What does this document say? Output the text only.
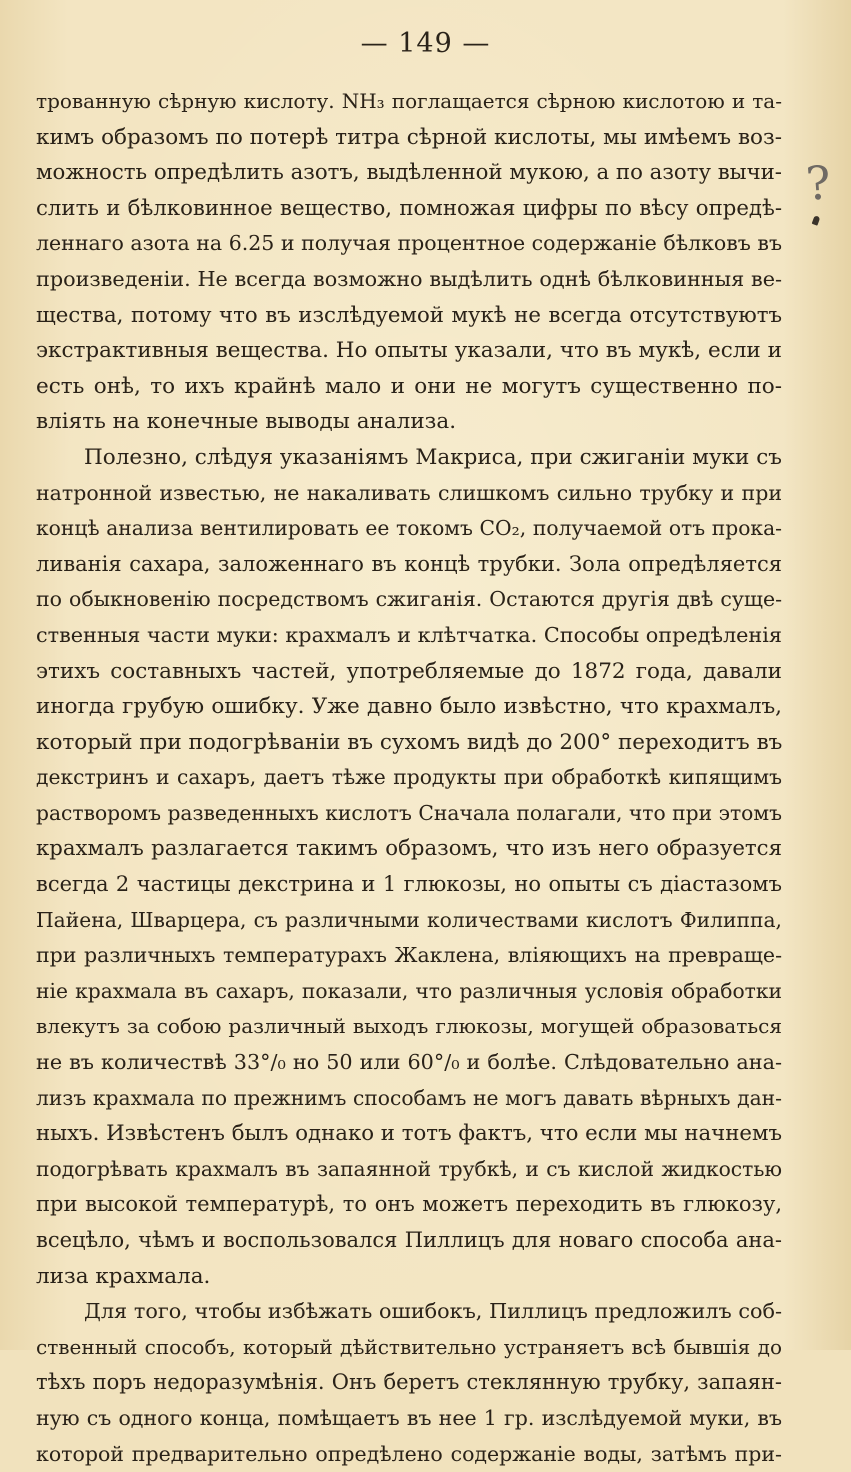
— 149 —
трованную сѣрную кислоту. NH₃ поглащается сѣрною кислотою и та-
кимъ образомъ по потерѣ титра сѣрной кислоты, мы имѣемъ воз-
можность опредѣлить азотъ, выдѣленной мукою, а по азоту вычи-
слить и бѣлковинное вещество, помножая цифры по вѣсу опредѣ-
леннаго азота на 6.25 и получая процентное содержанiе бѣлковъ въ
произведенiи. Не всегда возможно выдѣлить однѣ бѣлковинныя ве-
щества, потому что въ изслѣдуемой мукѣ не всегда отсутствуютъ
экстрактивныя вещества. Но опыты указали, что въ мукѣ, если и
есть онѣ, то ихъ крайнѣ мало и они не могутъ существенно по-
влiять на конечные выводы анализа.
Полезно, слѣдуя указанiямъ Макриса, при сжиганiи муки съ
натронной известью, не накаливать слишкомъ сильно трубку и при
концѣ анализа вентилировать ее токомъ CO₂, получаемой отъ прока-
ливанiя сахара, заложеннаго въ концѣ трубки. Зола опредѣляется
по обыкновенiю посредствомъ сжиганiя. Остаются другiя двѣ суще-
ственныя части муки: крахмалъ и клѣтчатка. Способы опредѣленiя
этихъ составныхъ частей, употребляемые до 1872 года, давали
иногда грубую ошибку. Уже давно было извѣстно, что крахмалъ,
который при подогрѣванiи въ сухомъ видѣ до 200° переходитъ въ
декстринъ и сахаръ, даетъ тѣже продукты при обработкѣ кипящимъ
растворомъ разведенныхъ кислотъ Сначала полагали, что при этомъ
крахмалъ разлагается такимъ образомъ, что изъ него образуется
всегда 2 частицы декстрина и 1 глюкозы, но опыты съ дiастазомъ
Пайена, Шварцера, съ различными количествами кислотъ Филиппа,
при различныхъ температурахъ Жаклена, влiяющихъ на превраще-
нiе крахмала въ сахаръ, показали, что различныя условiя обработки
влекутъ за собою различный выходъ глюкозы, могущей образоваться
не въ количествѣ 33°/₀ но 50 или 60°/₀ и болѣе. Слѣдовательно ана-
лизъ крахмала по прежнимъ способамъ не могъ давать вѣрныхъ дан-
ныхъ. Извѣстенъ былъ однако и тотъ фактъ, что если мы начнемъ
подогрѣвать крахмалъ въ запаянной трубкѣ, и съ кислой жидкостью
при высокой температурѣ, то онъ можетъ переходить въ глюкозу,
всецѣло, чѣмъ и воспользовался Пиллицъ для новаго способа ана-
лиза крахмала.
Для того, чтобы избѣжать ошибокъ, Пиллицъ предложилъ соб-
ственный способъ, который дѣйствительно устраняетъ всѣ бывшiя до
тѣхъ поръ недоразумѣнiя. Онъ беретъ стеклянную трубку, запаян-
ную съ одного конца, помѣщаетъ въ нее 1 гр. изслѣдуемой муки, въ
которой предварительно опредѣлено содержанiе воды, затѣмъ при-
?
